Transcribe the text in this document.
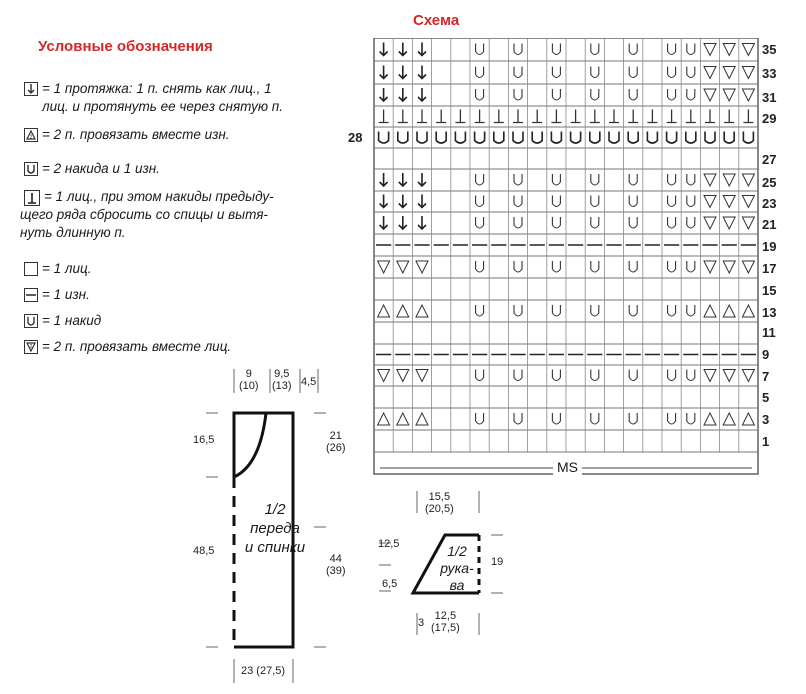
Условные обозначения
= 1 протяжка: 1 п. снять как лиц., 1
лиц. и протянуть ее через снятую п.
2 = 2 п. провязать вместе изн.
= 2 накида и 1 изн.
= 1 лиц., при этом накиды предыду-
щего ряда сбросить со спицы и вытя-
нуть длинную п.
= 1 лиц.
= 1 изн.
= 1 накид
2 = 2 п. провязать вместе лиц.
Схема
35
33
31
29
27
25
23
21
19
17
15
13
11
9
7
5
3
1
28
MS
9
(10)
9,5
(13) 4,5
16,5
48,5
21
(26)
44
(39)
23 (27,5)
1/2
переда
и спинки
15,5
(20,5)
12,5
6,5
19
3
12,5
(17,5)
1/2
рука-
ва
